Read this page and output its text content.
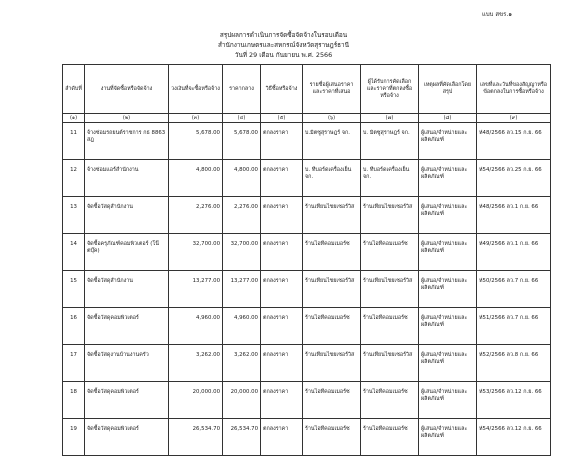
แบบ สขร.๑
สรุปผลการดำเนินการจัดซื้อจัดจ้างในรอบเดือน
สำนักงานเกษตรและสหกรณ์จังหวัดสุราษฎร์ธานี
วันที่ 29 เดือน กันยายน พ.ศ. 2566
ลำดับที่	งานที่จัดซื้อหรือจัดจ้าง	วงเงินที่จะซื้อหรือจ้าง	ราคากลาง	วิธีซื้อหรือจ้าง	รายชื่อผู้เสนอราคาและราคาที่เสนอ	ผู้ได้รับการคัดเลือกและราคาที่ตกลงซื้อหรือจ้าง	เหตุผลที่คัดเลือกโดยสรุป	เลขที่และวันที่ของสัญญาหรือข้อตกลงในการซื้อหรือจ้าง
(๑)	(๒)	(๓)	(๔)	(๕)	(๖)	(๗)	(๘)	(๙)
11	จ้างซ่อมรถยนต์ราชการ กธ 8863 สฎ	5,678.00	5,678.00	ตกลงราคา	บ.มิตซูสุราษฎร์ จก.	บ. มิตซูสุราษฎร์ จก.	ผู้เสนอ/จำหน่ายและผลิตภัณฑ์	ห่48/2566 ลว.15 ก.ย. 66
12	จ้างซ่อมแอร์สำนักงาน	4,800.00	4,800.00	ตกลงราคา	บ. ทีบอร์ดเครื่องเย็น จก.	บ. ทีบอร์ดเครื่องเย็น จก.	ผู้เสนอ/จำหน่ายและผลิตภัณฑ์	ห่54/2566 ลว.25 ก.ย. 66
13	จัดซื้อวัสดุสำนักงาน	2,276.00	2,276.00	ตกลงราคา	ร้านเทียนไชยเซอร์วิส	ร้านเทียนไชยเซอร์วิส	ผู้เสนอ/จำหน่ายและผลิตภัณฑ์	ห่48/2566 ลว.1 ก.ย. 66
14	จัดซื้อครุภัณฑ์คอมพิวเตอร์ (โน๊ตบุ๊ค)	32,700.00	32,700.00	ตกลงราคา	ร้านไอทีคอมเมอร์ซ	ร้านไอทีคอมเมอร์ซ	ผู้เสนอ/จำหน่ายและผลิตภัณฑ์	ห่49/2566 ลว.1 ก.ย. 66
15	จัดซื้อวัสดุสำนักงาน	13,277.00	13,277.00	ตกลงราคา	ร้านเทียนไชยเซอร์วิส	ร้านเทียนไชยเซอร์วิส	ผู้เสนอ/จำหน่ายและผลิตภัณฑ์	ห่50/2566 ลว.7 ก.ย. 66
16	จัดซื้อวัสดุคอมพิวเตอร์	4,960.00	4,960.00	ตกลงราคา	ร้านไอทีคอมเมอร์ซ	ร้านไอทีคอมเมอร์ซ	ผู้เสนอ/จำหน่ายและผลิตภัณฑ์	ห่51/2566 ลว.7 ก.ย. 66
17	จัดซื้อวัสดุงานบ้านงานครัว	3,262.00	3,262.00	ตกลงราคา	ร้านเทียนไชยเซอร์วิส	ร้านเทียนไชยเซอร์วิส	ผู้เสนอ/จำหน่ายและผลิตภัณฑ์	ห่52/2566 ลว.8 ก.ย. 66
18	จัดซื้อวัสดุคอมพิวเตอร์	20,000.00	20,000.00	ตกลงราคา	ร้านไอทีคอมเมอร์ซ	ร้านไอทีคอมเมอร์ซ	ผู้เสนอ/จำหน่ายและผลิตภัณฑ์	ห่53/2566 ลว.12 ก.ย. 66
19	จัดซื้อวัสดุคอมพิวเตอร์	26,534.70	26,534.70	ตกลงราคา	ร้านไอทีคอมเมอร์ซ	ร้านไอทีคอมเมอร์ซ	ผู้เสนอ/จำหน่ายและผลิตภัณฑ์	ห่54/2566 ลว.12 ก.ย. 66
